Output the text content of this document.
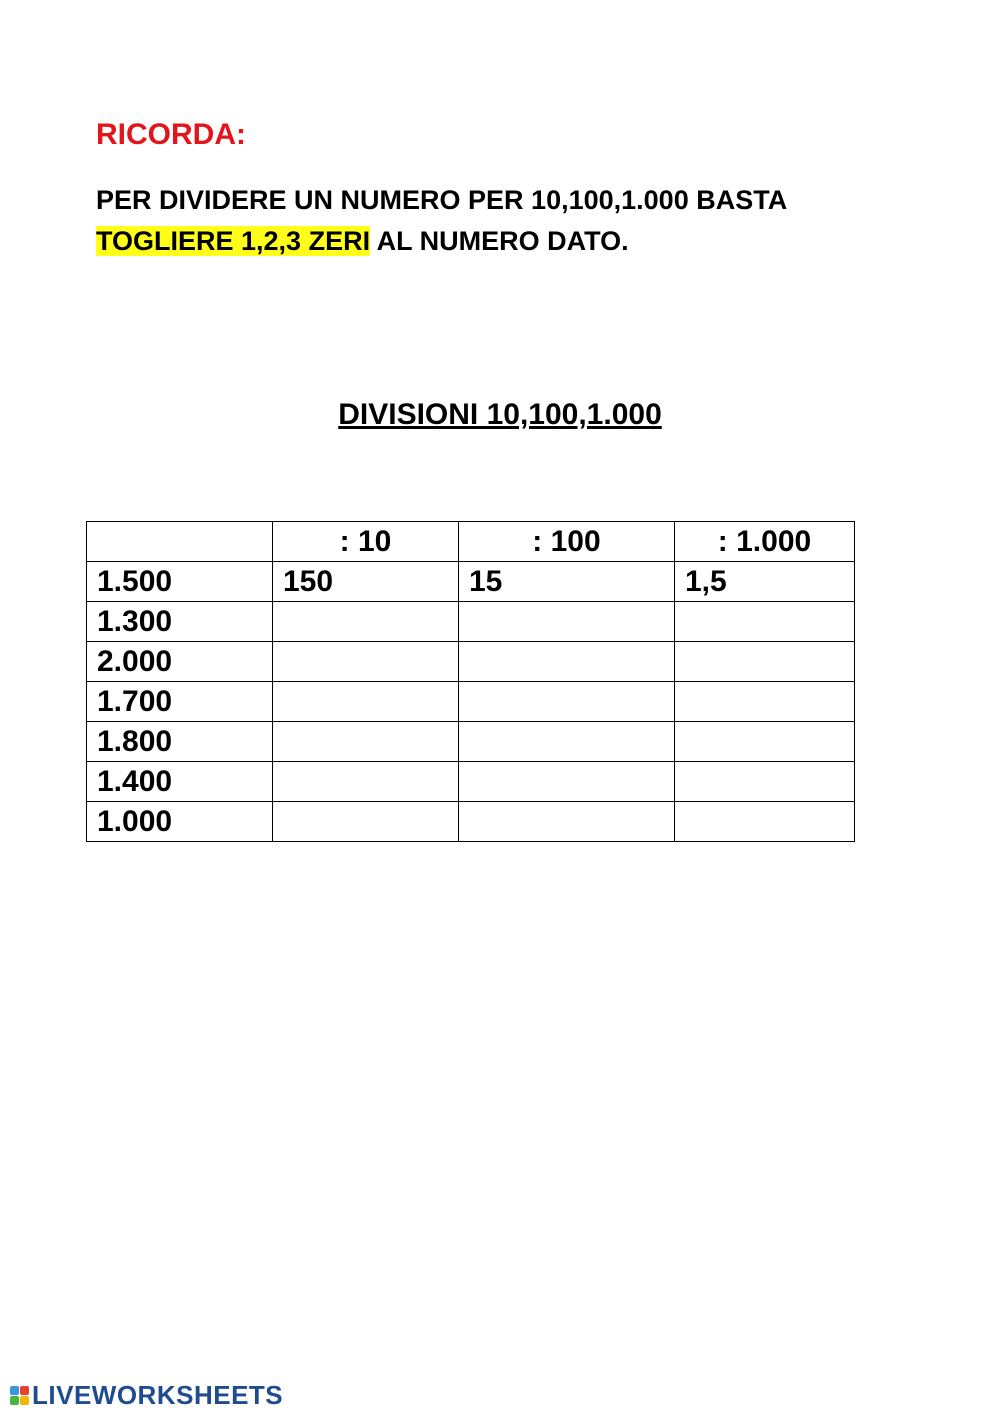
RICORDA:

PER DIVIDERE UN NUMERO PER 10,100,1.000 BASTA
TOGLIERE 1,2,3 ZERI AL NUMERO DATO.

DIVISIONI 10,100,1.000
	: 10	: 100	: 1.000
1.500	150	15	1,5
1.300			
2.000			
1.700			
1.800			
1.400			
1.000			
LIVEWORKSHEETS
